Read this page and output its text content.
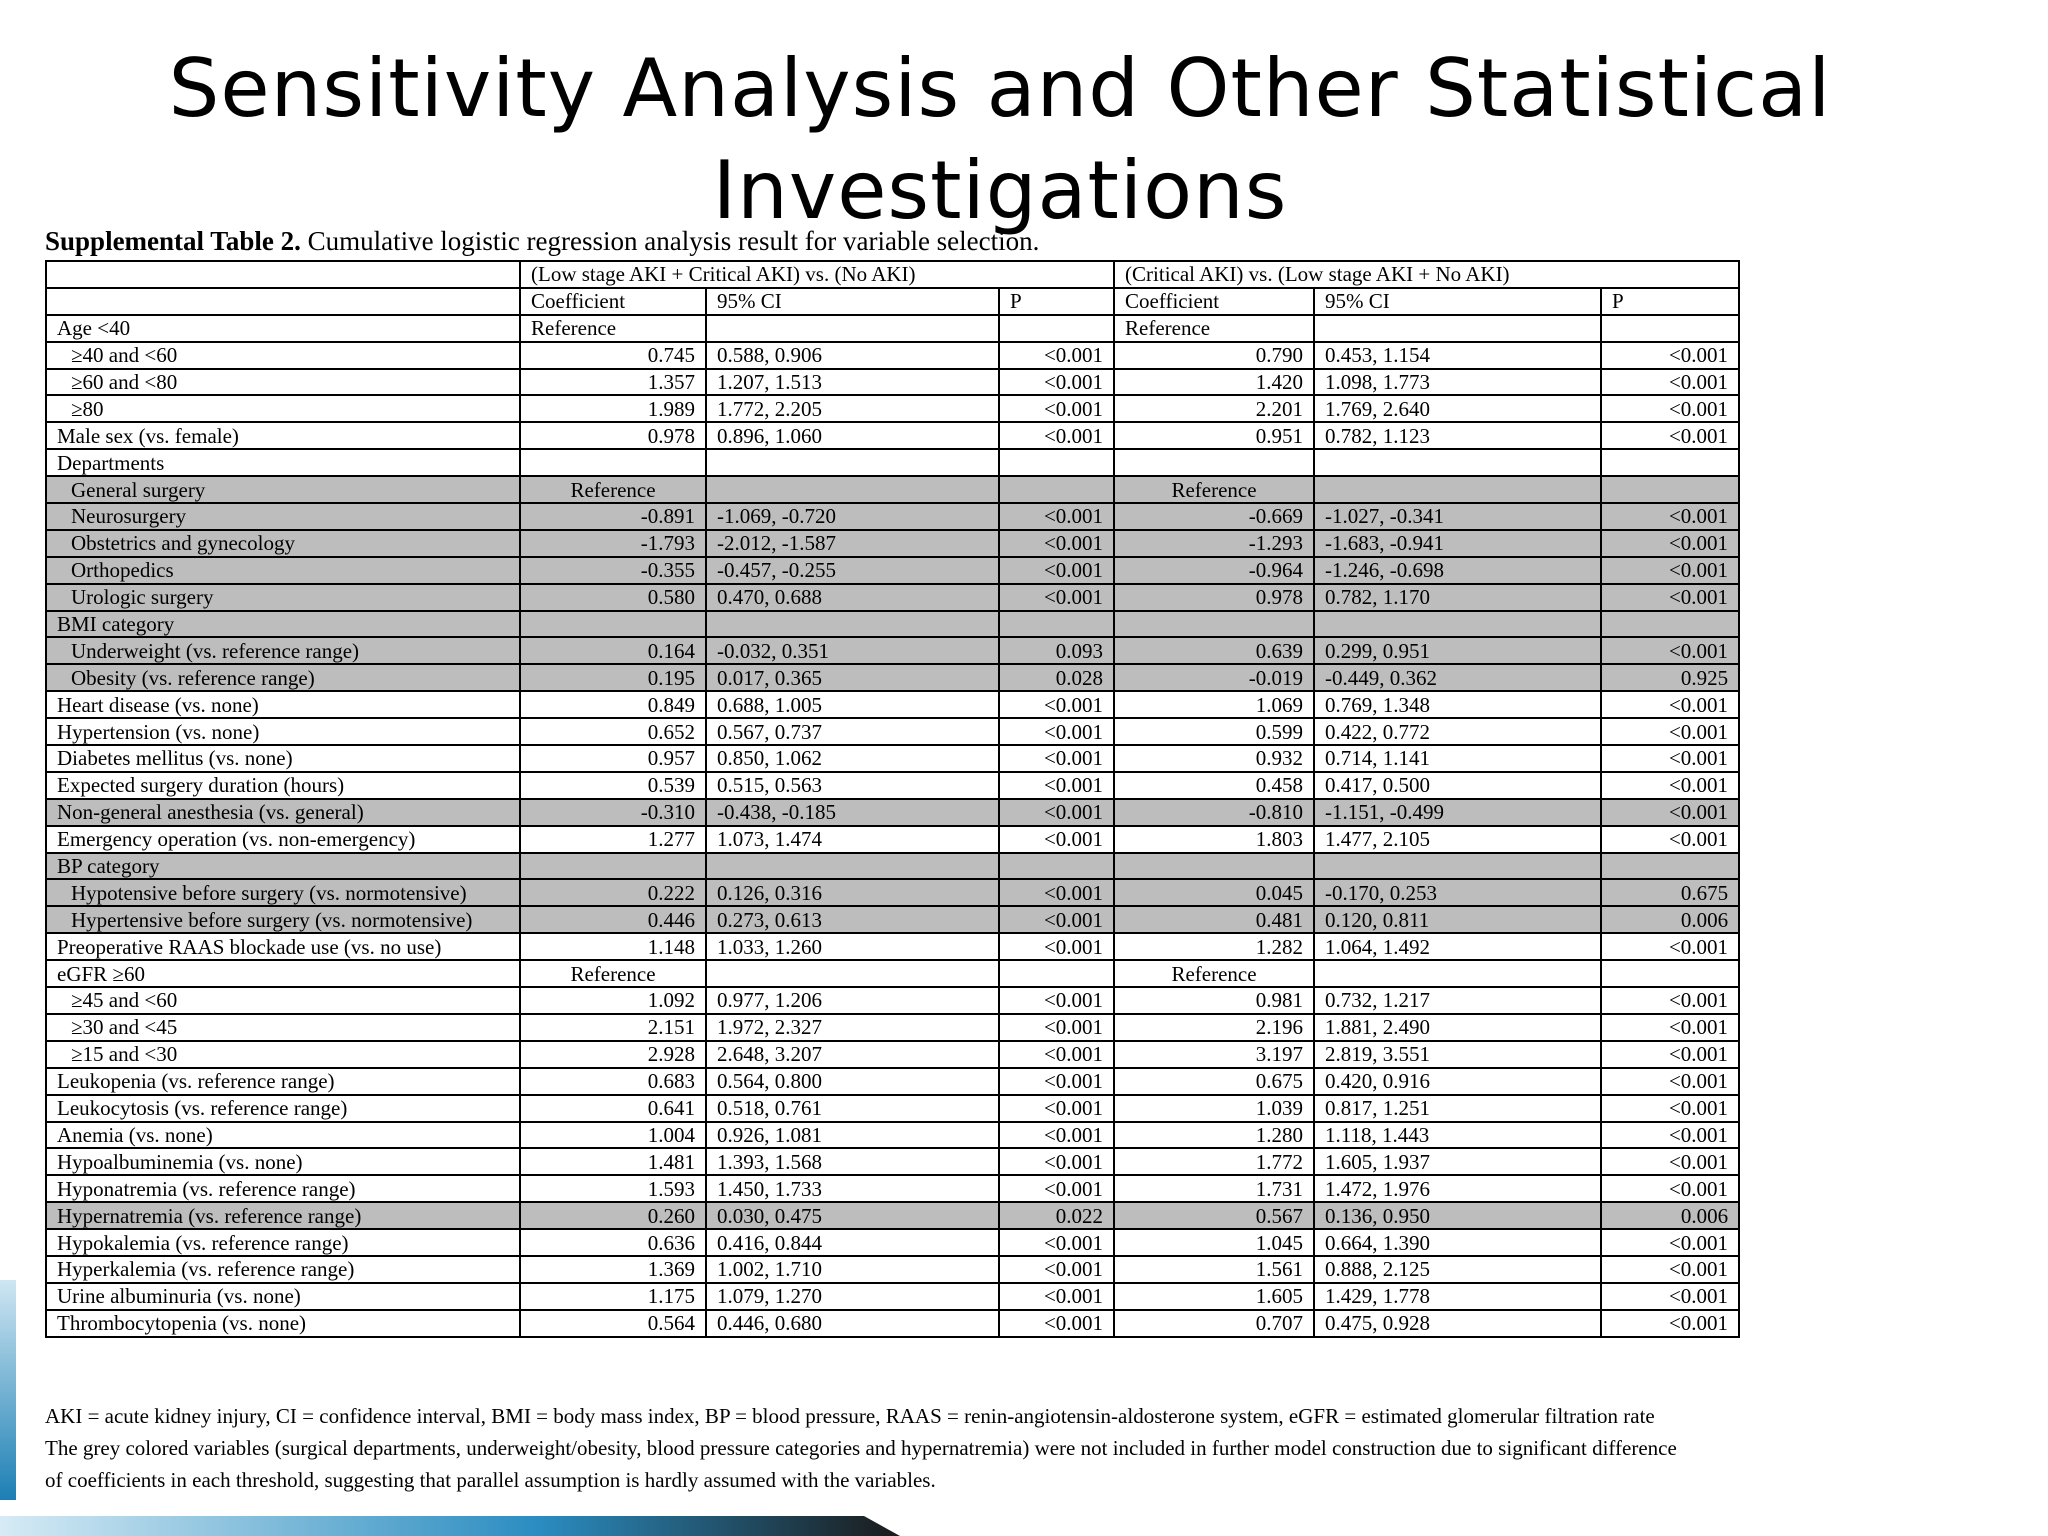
Sensitivity Analysis and Other Statistical Investigations
Supplemental Table 2. Cumulative logistic regression analysis result for variable selection.
	(Low stage AKI + Critical AKI) vs. (No AKI)			(Critical AKI) vs. (Low stage AKI + No AKI)		
	Coefficient	95% CI	P	Coefficient	95% CI	P
Age <40	Reference			Reference		
≥40 and <60	0.745	0.588, 0.906	<0.001	0.790	0.453, 1.154	<0.001
≥60 and <80	1.357	1.207, 1.513	<0.001	1.420	1.098, 1.773	<0.001
≥80	1.989	1.772, 2.205	<0.001	2.201	1.769, 2.640	<0.001
Male sex (vs. female)	0.978	0.896, 1.060	<0.001	0.951	0.782, 1.123	<0.001
Departments						
General surgery	Reference			Reference		
Neurosurgery	-0.891	-1.069, -0.720	<0.001	-0.669	-1.027, -0.341	<0.001
Obstetrics and gynecology	-1.793	-2.012, -1.587	<0.001	-1.293	-1.683, -0.941	<0.001
Orthopedics	-0.355	-0.457, -0.255	<0.001	-0.964	-1.246, -0.698	<0.001
Urologic surgery	0.580	0.470, 0.688	<0.001	0.978	0.782, 1.170	<0.001
BMI category						
Underweight (vs. reference range)	0.164	-0.032, 0.351	0.093	0.639	0.299, 0.951	<0.001
Obesity (vs. reference range)	0.195	0.017, 0.365	0.028	-0.019	-0.449, 0.362	0.925
Heart disease (vs. none)	0.849	0.688, 1.005	<0.001	1.069	0.769, 1.348	<0.001
Hypertension (vs. none)	0.652	0.567, 0.737	<0.001	0.599	0.422, 0.772	<0.001
Diabetes mellitus (vs. none)	0.957	0.850, 1.062	<0.001	0.932	0.714, 1.141	<0.001
Expected surgery duration (hours)	0.539	0.515, 0.563	<0.001	0.458	0.417, 0.500	<0.001
Non-general anesthesia (vs. general)	-0.310	-0.438, -0.185	<0.001	-0.810	-1.151, -0.499	<0.001
Emergency operation (vs. non-emergency)	1.277	1.073, 1.474	<0.001	1.803	1.477, 2.105	<0.001
BP category						
Hypotensive before surgery (vs. normotensive)	0.222	0.126, 0.316	<0.001	0.045	-0.170, 0.253	0.675
Hypertensive before surgery (vs. normotensive)	0.446	0.273, 0.613	<0.001	0.481	0.120, 0.811	0.006
Preoperative RAAS blockade use (vs. no use)	1.148	1.033, 1.260	<0.001	1.282	1.064, 1.492	<0.001
eGFR ≥60	Reference			Reference		
≥45 and <60	1.092	0.977, 1.206	<0.001	0.981	0.732, 1.217	<0.001
≥30 and <45	2.151	1.972, 2.327	<0.001	2.196	1.881, 2.490	<0.001
≥15 and <30	2.928	2.648, 3.207	<0.001	3.197	2.819, 3.551	<0.001
Leukopenia (vs. reference range)	0.683	0.564, 0.800	<0.001	0.675	0.420, 0.916	<0.001
Leukocytosis (vs. reference range)	0.641	0.518, 0.761	<0.001	1.039	0.817, 1.251	<0.001
Anemia (vs. none)	1.004	0.926, 1.081	<0.001	1.280	1.118, 1.443	<0.001
Hypoalbuminemia (vs. none)	1.481	1.393, 1.568	<0.001	1.772	1.605, 1.937	<0.001
Hyponatremia (vs. reference range)	1.593	1.450, 1.733	<0.001	1.731	1.472, 1.976	<0.001
Hypernatremia (vs. reference range)	0.260	0.030, 0.475	0.022	0.567	0.136, 0.950	0.006
Hypokalemia (vs. reference range)	0.636	0.416, 0.844	<0.001	1.045	0.664, 1.390	<0.001
Hyperkalemia (vs. reference range)	1.369	1.002, 1.710	<0.001	1.561	0.888, 2.125	<0.001
Urine albuminuria (vs. none)	1.175	1.079, 1.270	<0.001	1.605	1.429, 1.778	<0.001
Thrombocytopenia (vs. none)	0.564	0.446, 0.680	<0.001	0.707	0.475, 0.928	<0.001
AKI = acute kidney injury, CI = confidence interval, BMI = body mass index, BP = blood pressure, RAAS = renin-angiotensin-aldosterone system, eGFR = estimated glomerular filtration rate
The grey colored variables (surgical departments, underweight/obesity, blood pressure categories and hypernatremia) were not included in further model construction due to significant difference
of coefficients in each threshold, suggesting that parallel assumption is hardly assumed with the variables.
